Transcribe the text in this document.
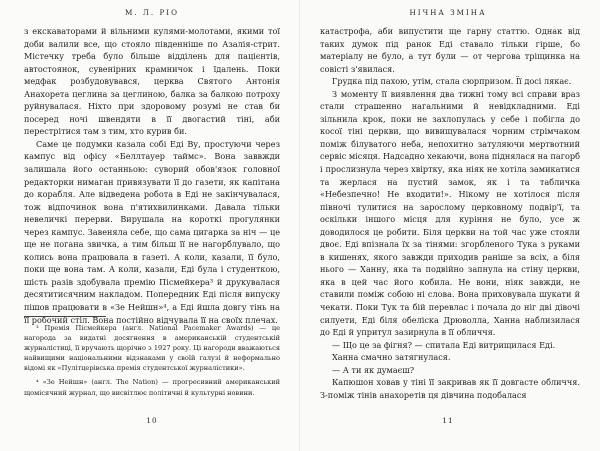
М. Л. РІО

з екскаваторами й вільними кулями-молотами, якими тої доби валили все, що стояло південніше по Азалія-стрит. Містечку треба було більше відділень для пацієнтів, автостоянок, сувенірних крамничок і їдалень. Поки медфак розбудовувався, церква Святого Антонія Анахорета цеглина за цеглиною, балка за балкою потроху руйнувалася. Ніхто при здоровому розумі не став би посеред ночі швендяти в її двогастий тіні, аби перестрітися там з тим, хто курив би.

Саме це подумки казала собі Еді Ву, простуючи через кампус від офісу «Беллтауер таймс». Вона заввжди залишала його останньою: суворий обов'язок головної редакторки нимаган привязувати її до газети, як капітана до корабля. Але відведена робота в Еді не закінчувалася, тож відпочинок вона п'ятихвилинками. Давала тільки невеличкі перерви. Вирушала на короткі прогулянки через кампус. Завеняла себе, що сама цигарка за ніч — це ще не погана звичка, а тим більш її не нагорблувало, що колись вона працювала в газеті. А коли, казали, її було, поки ще вона там. А коли, казали, Еді була і студенткою, шість разів здобувала премію Пісмейкера³ й друкувалася десятитисячним накладом. Попередник Еді після випуску пішов працювати в «Зе Нейшн»⁴, а Еді йшла довгу тінь на її робочий стіл. Вона постійно відчувала її на своїх плечах.

³ Премія Пісмейкера (англ. National Pacemaker Awards) — це нагорода за видатні досягнення в американській студентській журналістиці, її вручають щорічно з 1927 року. Ці нагороди вважаються найвищими національними відзнаками у своїй галузі й неформально відомі як «Пулітцерівська премія студентської журналістики».

⁴ «Зе Нейшн» (англ. The Nation) — прогресивний американський щомісячний журнал, що висвітлює політичні й культурні новини.

10
НІЧНА ЗМІНА

катастрофа, аби випустити ще гарну статтю. Однак від таких думок під ранок Еді ставало тільки гірше, бо матеріалу не було, а тут були — от чергова тріщинка на совісті з'явилася.

Грудка під пахою, утім, стала сюрпризом. Її досі лякає.

З моменту її виявлення два тижні тому всі справи враз стали страшенно нагальними й невідкладними. Еді зільнила крок, поки не захлопулась у себе і побігла до косої тіні церкви, що вивищувалася чорним стрімчаком поміж білуватого неба, непохитно затуляючи мертвотний сервіс місяця. Надсадно хекаючи, вона піднялася на пагорб і прослизнула через хвіртку, яка ніяк не хотіла замикатися та жерлася на пустий замок, як і та табличка «Небезпечно! Не входити!». Нікому не хотілося після півночі тулитися на зарослому церковному подвір'ї, та оскільки іншого місця для куріння не було, усе ж доводилося це робити. Біля церкви на той час уже стояли двоє. Еді впізнала їх за тінями: згорбленого Тука з руками в кишенях, якого завжди приходив раніше за всіх, а біля нього — Ханну, яка та подвійно запнула на стіну церкви, яка в цей час його кобила. Не вони, ніяк завжди, не ставили поміж собою ні слова. Вона приховувала шукати й чекати. Поки Тук та бій перевлас і почала до ніг дві дівочі силуети, Еді біля обеліска Дрюволла, Ханна наблизилася до Еді й упритул зазирнула в її обличчя.

— Що це за фігня? — спитала Еді витрищилася Еді.

Ханна смачно затягнулася.

— А ти як думаєш?

Капюшон ховав у тіні її закривав як її довгасте обличчя. З-поміж тінів анахоретів ця дівчина подобалася

11
